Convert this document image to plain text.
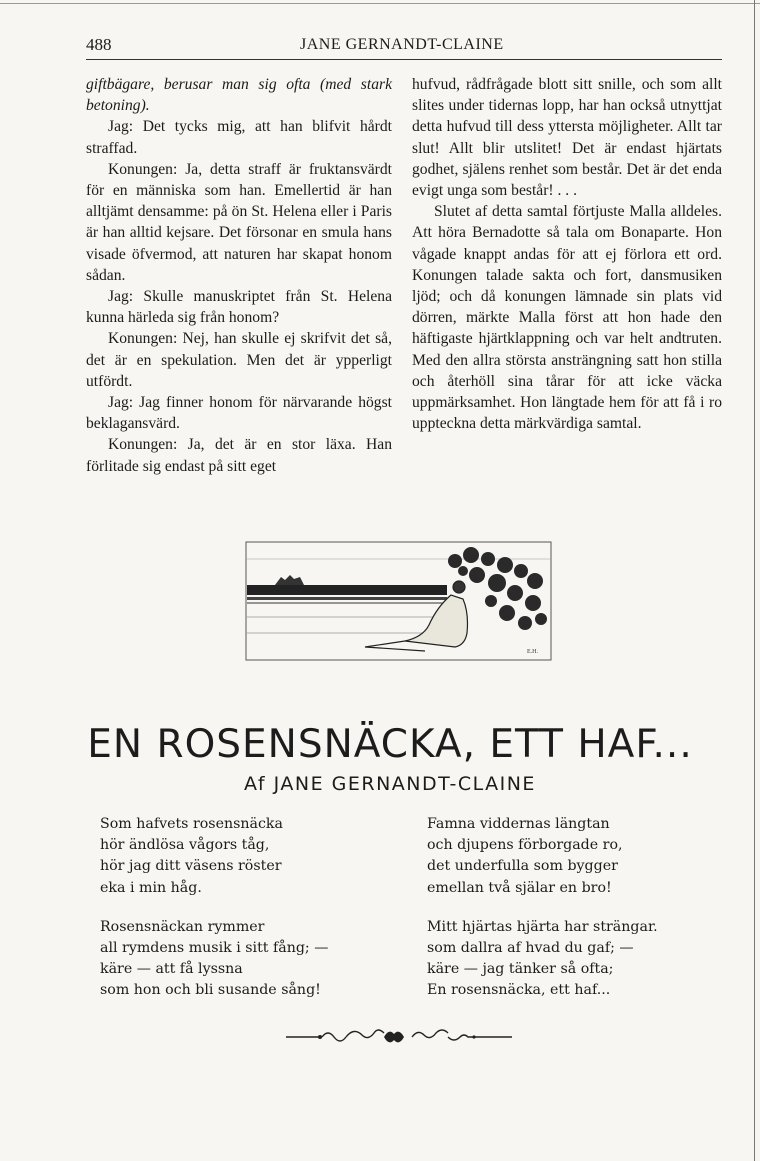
488	JANE GERNANDT-CLAINE

giftbägare, berusar man sig ofta (med stark betoning).

Jag: Det tycks mig, att han blifvit hårdt straffad.

Konungen: Ja, detta straff är fruktansvärdt för en människa som han. Emellertid är han alltjämt densamme: på ön St. Helena eller i Paris är han alltid kejsare. Det försonar en smula hans visade öfvermod, att naturen har skapat honom sådan.

Jag: Skulle manuskriptet från St. Helena kunna härleda sig från honom?

Konungen: Nej, han skulle ej skrifvit det så, det är en spekulation. Men det är ypperligt utfördt.

Jag: Jag finner honom för närvarande högst beklagansvärd.

Konungen: Ja, det är en stor läxa. Han förlitade sig endast på sitt eget

hufvud, rådfrågade blott sitt snille, och som allt slites under tidernas lopp, har han också utnyttjat detta hufvud till dess yttersta möjligheter. Allt tar slut! Allt blir utslitet! Det är endast hjärtats godhet, själens renhet som består. Det är det enda evigt unga som består! . . .

Slutet af detta samtal förtjuste Malla alldeles. Att höra Bernadotte så tala om Bonaparte. Hon vågade knappt andas för att ej förlora ett ord. Konungen talade sakta och fort, dansmusiken ljöd; och då konungen lämnade sin plats vid dörren, märkte Malla först att hon hade den häftigaste hjärtklappning och var helt andtruten. Med den allra största ansträngning satt hon stilla och återhöll sina tårar för att icke väcka uppmärksamhet. Hon längtade hem för att få i ro uppteckna detta märkvärdiga samtal.

E.H.
EN ROSENSNÄCKA, ETT HAF...
Af JANE GERNANDT-CLAINE
Som hafvets rosensnäcka
hör ändlösa vågors tåg,
hör jag ditt väsens röster
eka i min håg.
Rosensnäckan rymmer
all rymdens musik i sitt fång; —
käre — att få lyssna
som hon och bli susande sång!
Famna viddernas längtan
och djupens förborgade ro,
det underfulla som bygger
emellan två själar en bro!
Mitt hjärtas hjärta har strängar.
som dallra af hvad du gaf; —
käre — jag tänker så ofta;
En rosensnäcka, ett haf...
